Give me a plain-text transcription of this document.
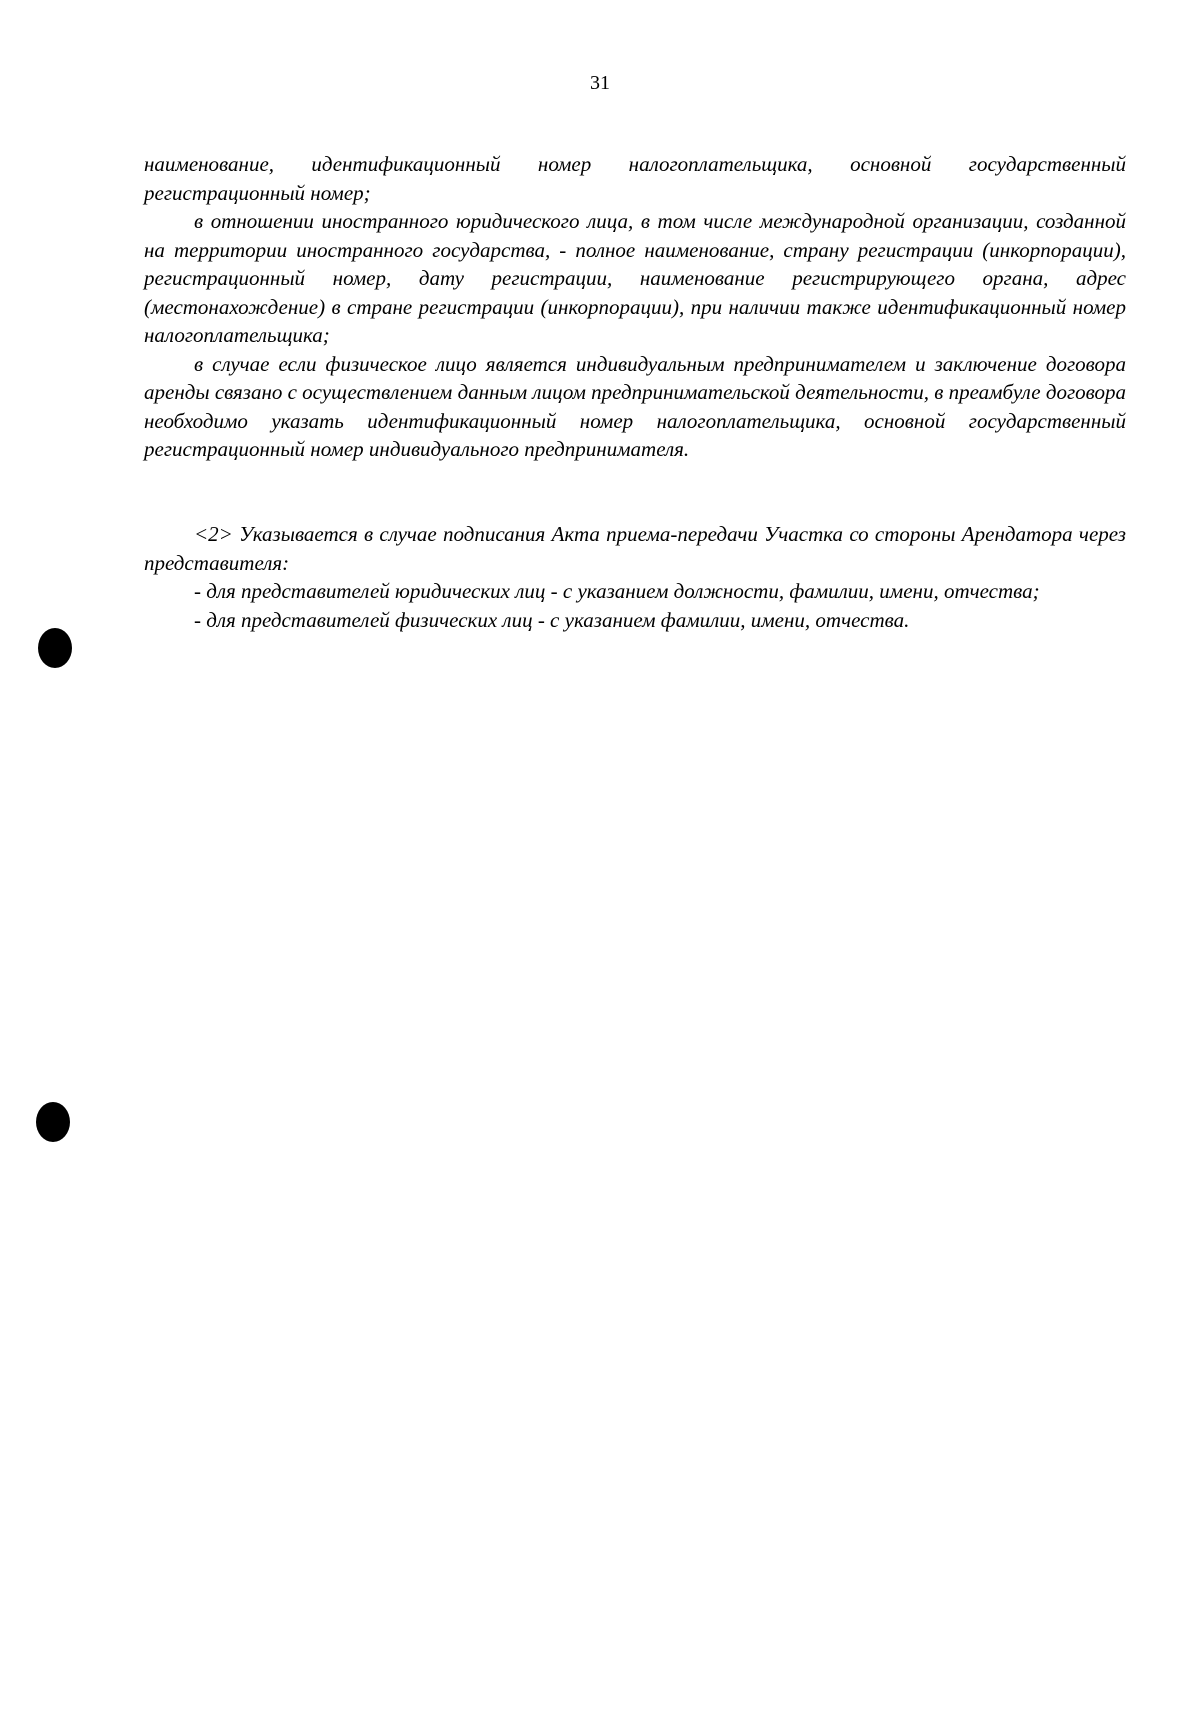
31

наименование, идентификационный номер налогоплательщика, основной государственный регистрационный номер;

в отношении иностранного юридического лица, в том числе международной организации, созданной на территории иностранного государства, - полное наименование, страну регистрации (инкорпорации), регистрационный номер, дату регистрации, наименование регистрирующего органа, адрес (местонахождение) в стране регистрации (инкорпорации), при наличии также идентификационный номер налогоплательщика;

в случае если физическое лицо является индивидуальным предпринимателем и заключение договора аренды связано с осуществлением данным лицом предпринимательской деятельности, в преамбуле договора необходимо указать идентификационный номер налогоплательщика, основной государственный регистрационный номер индивидуального предпринимателя.

<2> Указывается в случае подписания Акта приема-передачи Участка со стороны Арендатора через представителя:

- для представителей юридических лиц - с указанием должности, фамилии, имени, отчества;

- для представителей физических лиц - с указанием фамилии, имени, отчества.
